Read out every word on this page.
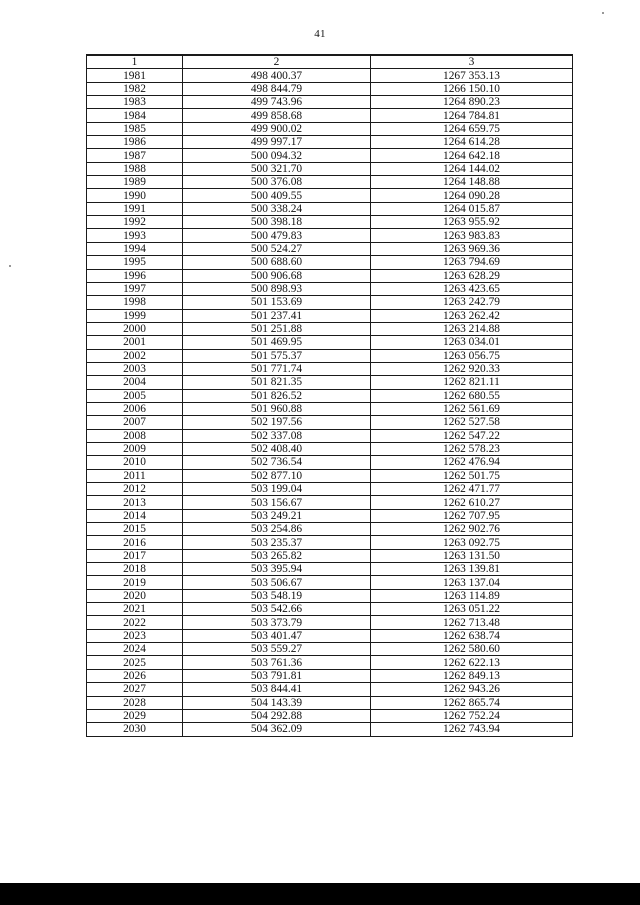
41
1	2	3
1981	498 400.37	1267 353.13
1982	498 844.79	1266 150.10
1983	499 743.96	1264 890.23
1984	499 858.68	1264 784.81
1985	499 900.02	1264 659.75
1986	499 997.17	1264 614.28
1987	500 094.32	1264 642.18
1988	500 321.70	1264 144.02
1989	500 376.08	1264 148.88
1990	500 409.55	1264 090.28
1991	500 338.24	1264 015.87
1992	500 398.18	1263 955.92
1993	500 479.83	1263 983.83
1994	500 524.27	1263 969.36
1995	500 688.60	1263 794.69
1996	500 906.68	1263 628.29
1997	500 898.93	1263 423.65
1998	501 153.69	1263 242.79
1999	501 237.41	1263 262.42
2000	501 251.88	1263 214.88
2001	501 469.95	1263 034.01
2002	501 575.37	1263 056.75
2003	501 771.74	1262 920.33
2004	501 821.35	1262 821.11
2005	501 826.52	1262 680.55
2006	501 960.88	1262 561.69
2007	502 197.56	1262 527.58
2008	502 337.08	1262 547.22
2009	502 408.40	1262 578.23
2010	502 736.54	1262 476.94
2011	502 877.10	1262 501.75
2012	503 199.04	1262 471.77
2013	503 156.67	1262 610.27
2014	503 249.21	1262 707.95
2015	503 254.86	1262 902.76
2016	503 235.37	1263 092.75
2017	503 265.82	1263 131.50
2018	503 395.94	1263 139.81
2019	503 506.67	1263 137.04
2020	503 548.19	1263 114.89
2021	503 542.66	1263 051.22
2022	503 373.79	1262 713.48
2023	503 401.47	1262 638.74
2024	503 559.27	1262 580.60
2025	503 761.36	1262 622.13
2026	503 791.81	1262 849.13
2027	503 844.41	1262 943.26
2028	504 143.39	1262 865.74
2029	504 292.88	1262 752.24
2030	504 362.09	1262 743.94
